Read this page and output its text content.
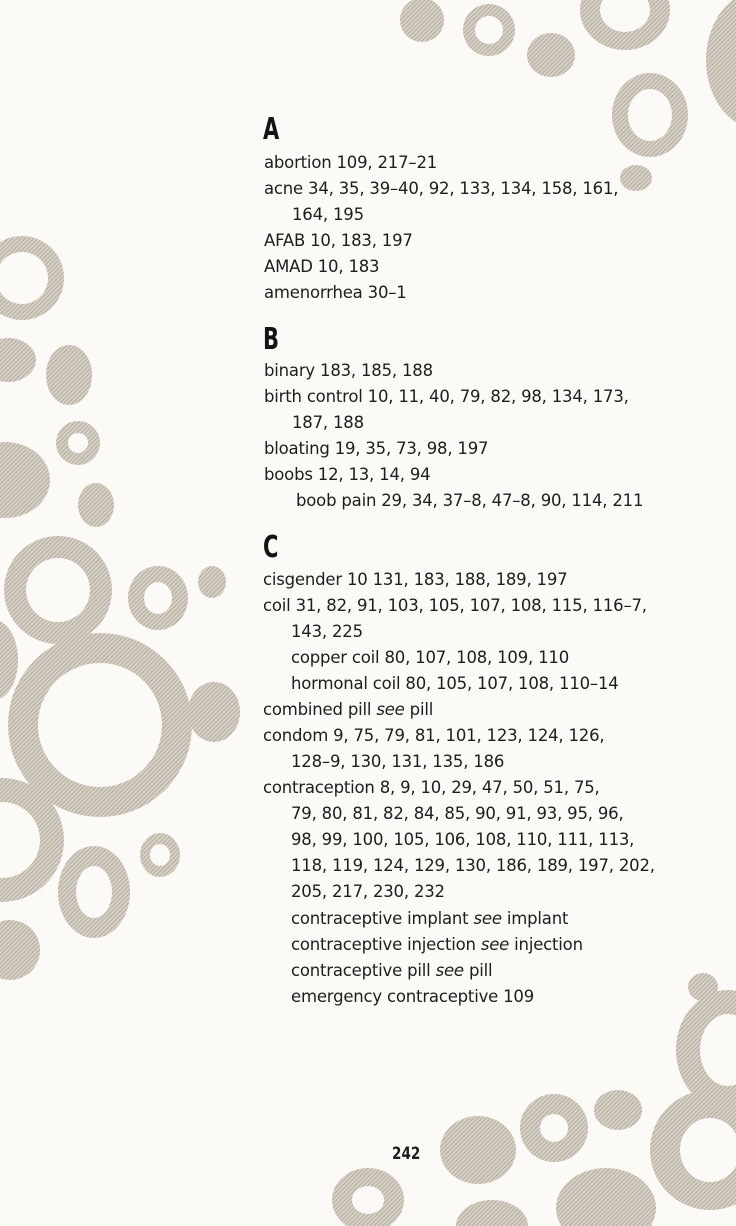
A
abortion 109, 217–21
acne 34, 35, 39–40, 92, 133, 134, 158, 161,
164, 195
AFAB 10, 183, 197
AMAD 10, 183
amenorrhea 30–1
B
binary 183, 185, 188
birth control 10, 11, 40, 79, 82, 98, 134, 173,
187, 188
bloating 19, 35, 73, 98, 197
boobs 12, 13, 14, 94
boob pain 29, 34, 37–8, 47–8, 90, 114, 211
C
cisgender 10 131, 183, 188, 189, 197
coil 31, 82, 91, 103, 105, 107, 108, 115, 116–7,
143, 225
copper coil 80, 107, 108, 109, 110
hormonal coil 80, 105, 107, 108, 110–14
combined pill see pill
condom 9, 75, 79, 81, 101, 123, 124, 126,
128–9, 130, 131, 135, 186
contraception 8, 9, 10, 29, 47, 50, 51, 75,
79, 80, 81, 82, 84, 85, 90, 91, 93, 95, 96,
98, 99, 100, 105, 106, 108, 110, 111, 113,
118, 119, 124, 129, 130, 186, 189, 197, 202,
205, 217, 230, 232
contraceptive implant see implant
contraceptive injection see injection
contraceptive pill see pill
emergency contraceptive 109
242
